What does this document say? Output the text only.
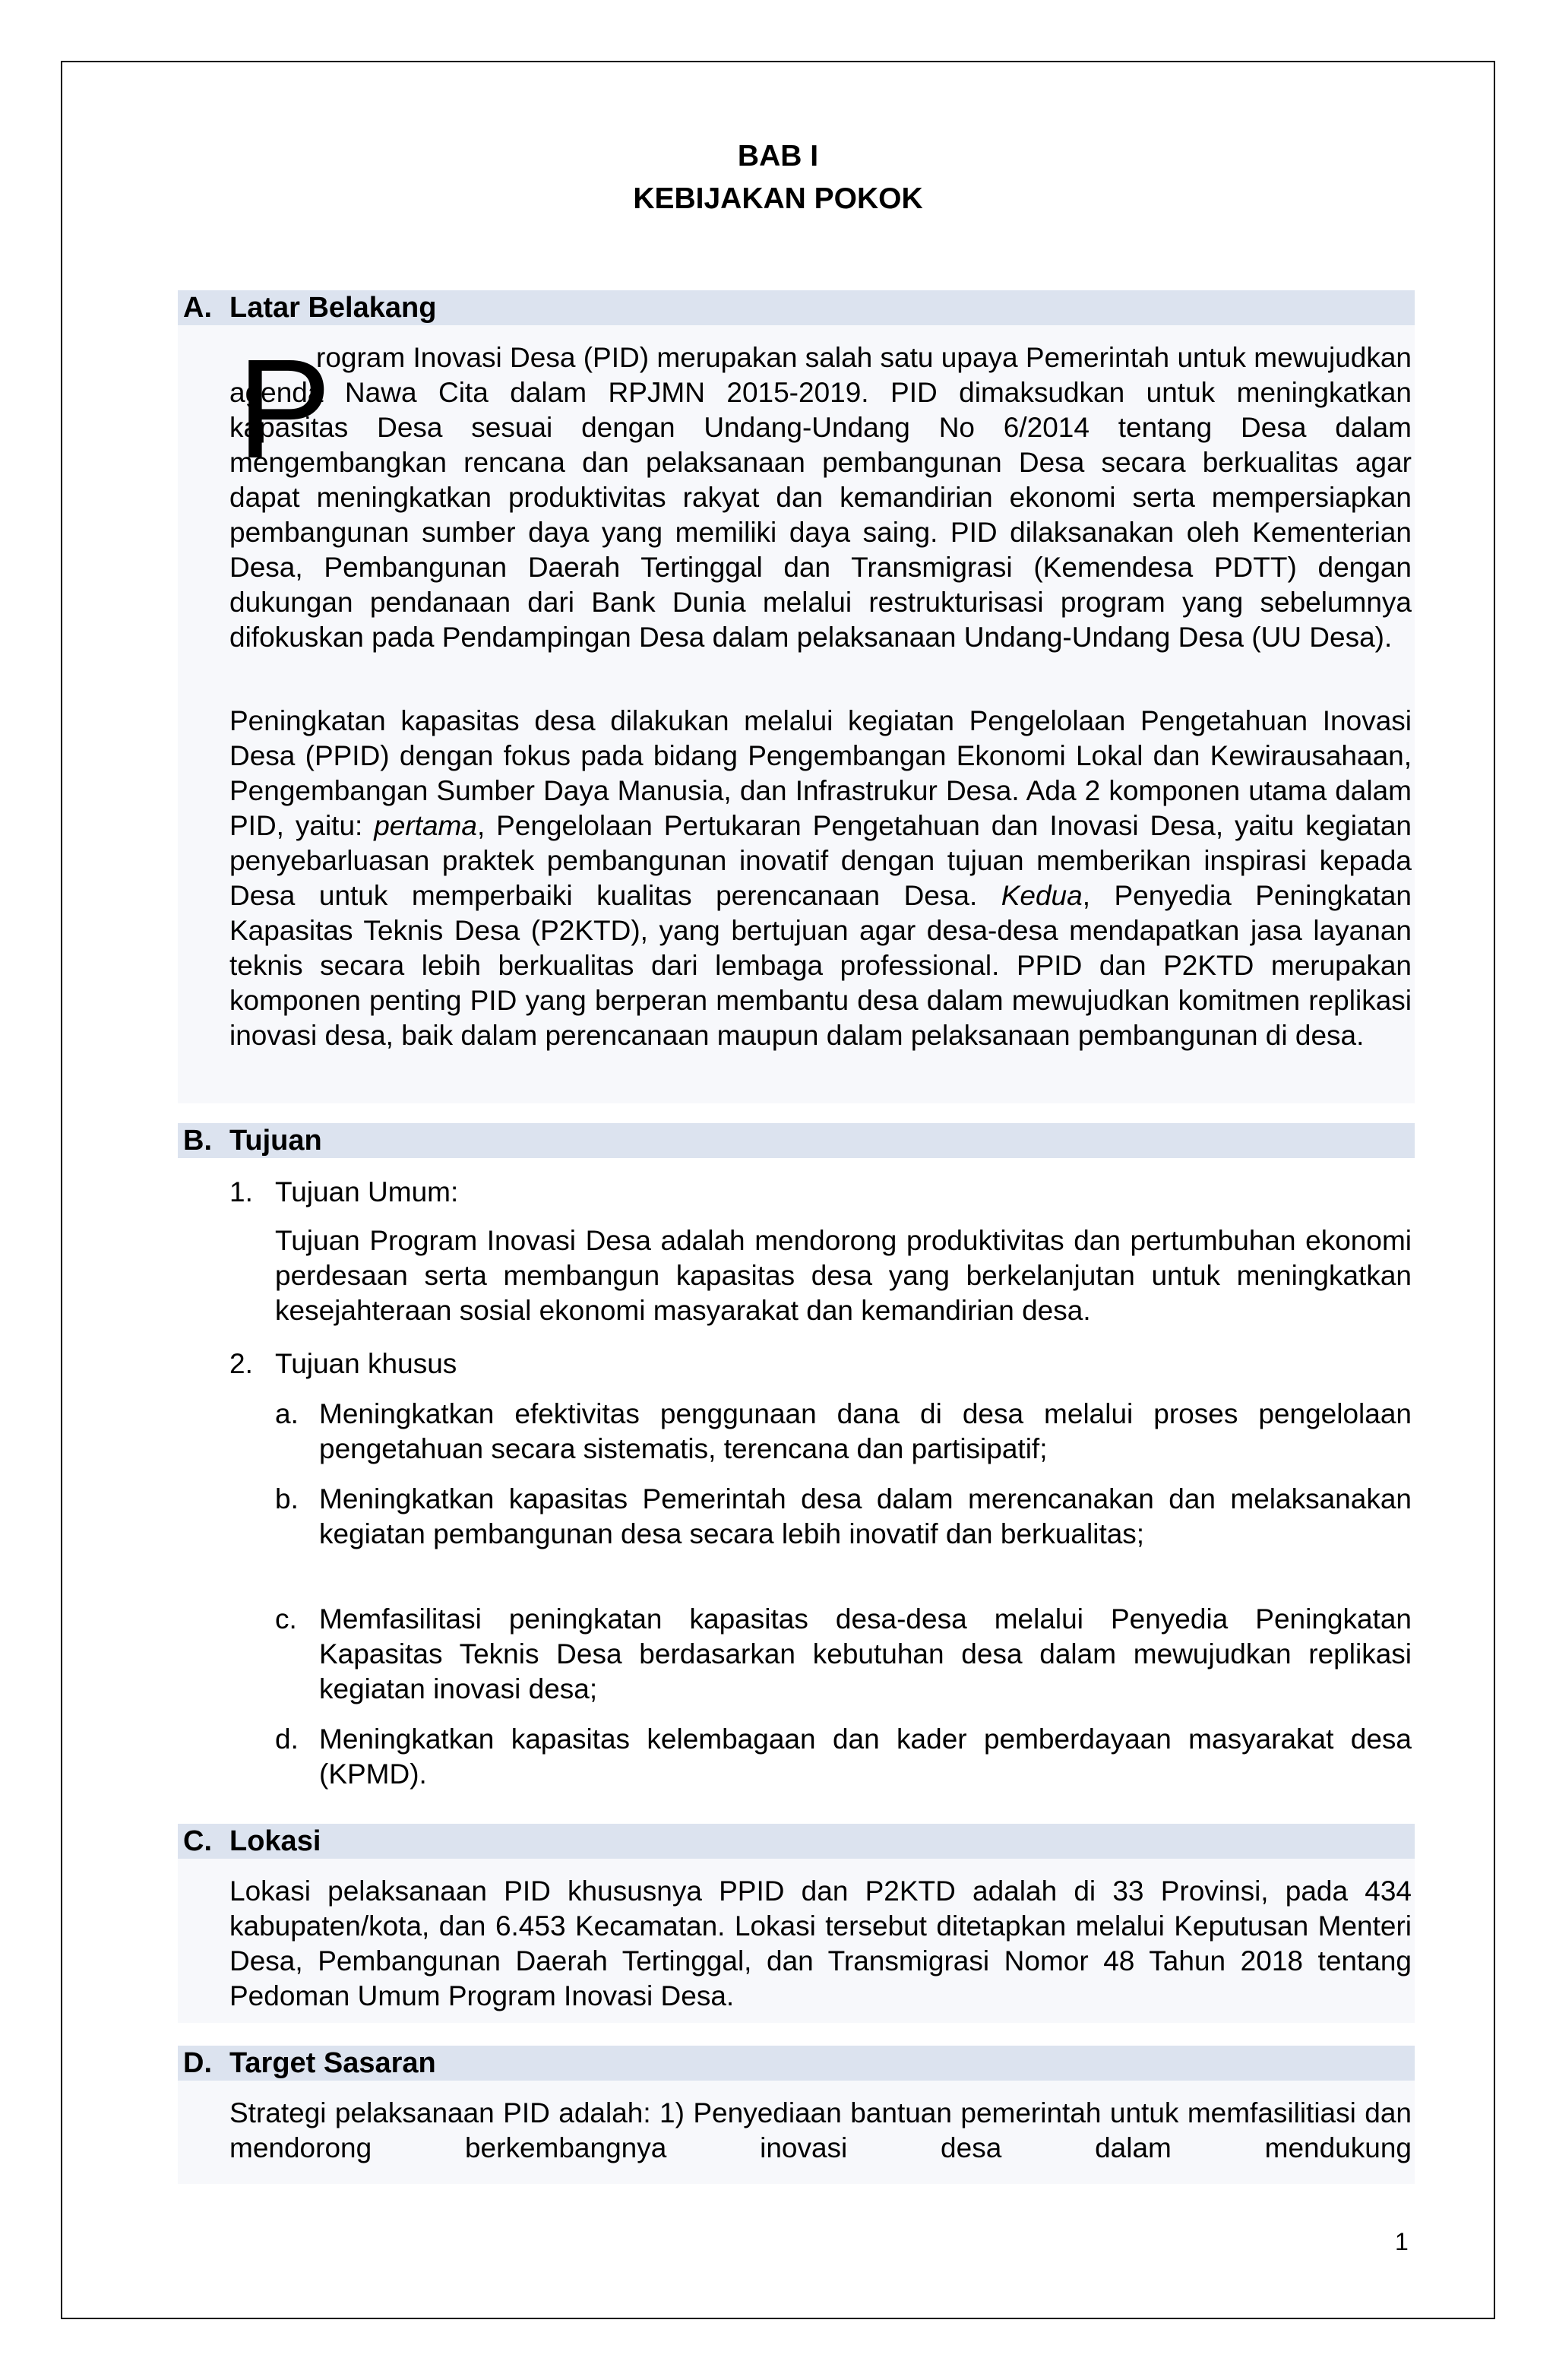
BAB I
KEBIJAKAN POKOK
A. Latar Belakang
P

rogram Inovasi Desa (PID) merupakan salah satu upaya Pemerintah untuk mewujudkan agenda Nawa Cita dalam RPJMN 2015-2019. PID dimaksudkan untuk meningkatkan kapasitas Desa sesuai dengan Undang-Undang No 6/2014 tentang Desa dalam mengembangkan rencana dan pelaksanaan pembangunan Desa secara berkualitas agar dapat meningkatkan produktivitas rakyat dan kemandirian ekonomi serta mempersiapkan pembangunan sumber daya yang memiliki daya saing. PID dilaksanakan oleh Kementerian Desa, Pembangunan Daerah Tertinggal dan Transmigrasi (Kemendesa PDTT) dengan dukungan pendanaan dari Bank Dunia melalui restrukturisasi program yang sebelumnya difokuskan pada Pendampingan Desa dalam pelaksanaan Undang-Undang Desa (UU Desa).

Peningkatan kapasitas desa dilakukan melalui kegiatan Pengelolaan Pengetahuan Inovasi Desa (PPID) dengan fokus pada bidang Pengembangan Ekonomi Lokal dan Kewirausahaan, Pengembangan Sumber Daya Manusia, dan Infrastrukur Desa. Ada 2 komponen utama dalam PID, yaitu: pertama, Pengelolaan Pertukaran Pengetahuan dan Inovasi Desa, yaitu kegiatan penyebarluasan praktek pembangunan inovatif dengan tujuan memberikan inspirasi kepada Desa untuk memperbaiki kualitas perencanaan Desa. Kedua, Penyedia Peningkatan Kapasitas Teknis Desa (P2KTD), yang bertujuan agar desa-desa mendapatkan jasa layanan teknis secara lebih berkualitas dari lembaga professional. PPID dan P2KTD merupakan komponen penting PID yang berperan membantu desa dalam mewujudkan komitmen replikasi inovasi desa, baik dalam perencanaan maupun dalam pelaksanaan pembangunan di desa.

B. Tujuan
1. Tujuan Umum:

Tujuan Program Inovasi Desa adalah mendorong produktivitas dan pertumbuhan ekonomi perdesaan serta membangun kapasitas desa yang berkelanjutan untuk meningkatkan kesejahteraan sosial ekonomi masyarakat dan kemandirian desa.

2. Tujuan khusus
a. Meningkatkan efektivitas penggunaan dana di desa melalui proses pengelolaan pengetahuan secara sistematis, terencana dan partisipatif;

b. Meningkatkan kapasitas Pemerintah desa dalam merencanakan dan melaksanakan kegiatan pembangunan desa secara lebih inovatif dan berkualitas;

c. Memfasilitasi peningkatan kapasitas desa-desa melalui Penyedia Peningkatan Kapasitas Teknis Desa berdasarkan kebutuhan desa dalam mewujudkan replikasi kegiatan inovasi desa;

d. Meningkatkan kapasitas kelembagaan dan kader pemberdayaan masyarakat desa (KPMD).

C. Lokasi

Lokasi pelaksanaan PID khususnya PPID dan P2KTD adalah di 33 Provinsi, pada 434 kabupaten/kota, dan 6.453 Kecamatan. Lokasi tersebut ditetapkan melalui Keputusan Menteri Desa, Pembangunan Daerah Tertinggal, dan Transmigrasi Nomor 48 Tahun 2018 tentang Pedoman Umum Program Inovasi Desa.

D. Target Sasaran

Strategi pelaksanaan PID adalah: 1) Penyediaan bantuan pemerintah untuk memfasilitiasi dan mendorong berkembangnya inovasi desa dalam mendukung

1
